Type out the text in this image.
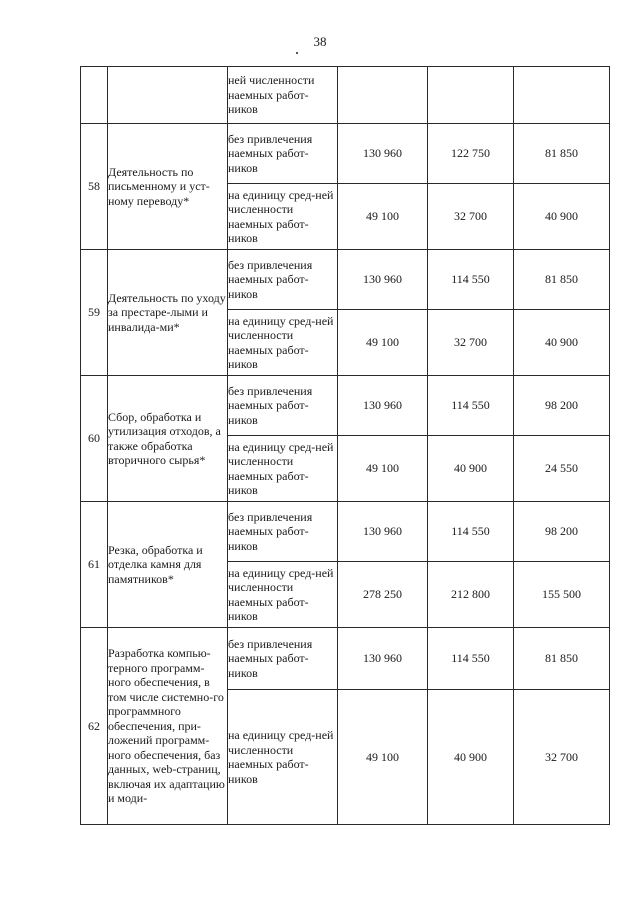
38
		ней численности наемных работ-ников			
58	Деятельность по письменному и уст-ному переводу*	без привлечения наемных работ-ников	130 960	122 750	81 850
		на единицу сред-ней численности наемных работ-ников	49 100	32 700	40 900
59	Деятельность по уходу за престаре-лыми и инвалида-ми*	без привлечения наемных работ-ников	130 960	114 550	81 850
		на единицу сред-ней численности наемных работ-ников	49 100	32 700	40 900
60	Сбор, обработка и утилизация отходов, а также обработка вторичного сырья*	без привлечения наемных работ-ников	130 960	114 550	98 200
		на единицу сред-ней численности наемных работ-ников	49 100	40 900	24 550
61	Резка, обработка и отделка камня для памятников*	без привлечения наемных работ-ников	130 960	114 550	98 200
		на единицу сред-ней численности наемных работ-ников	278 250	212 800	155 500
62	Разработка компью-терного программ-ного обеспечения, в том числе системно-го программного обеспечения, при-ложений программ-ного обеспечения, баз данных, web-страниц, включая их адаптацию и моди-	без привлечения наемных работ-ников	130 960	114 550	81 850
		на единицу сред-ней численности наемных работ-ников	49 100	40 900	32 700
